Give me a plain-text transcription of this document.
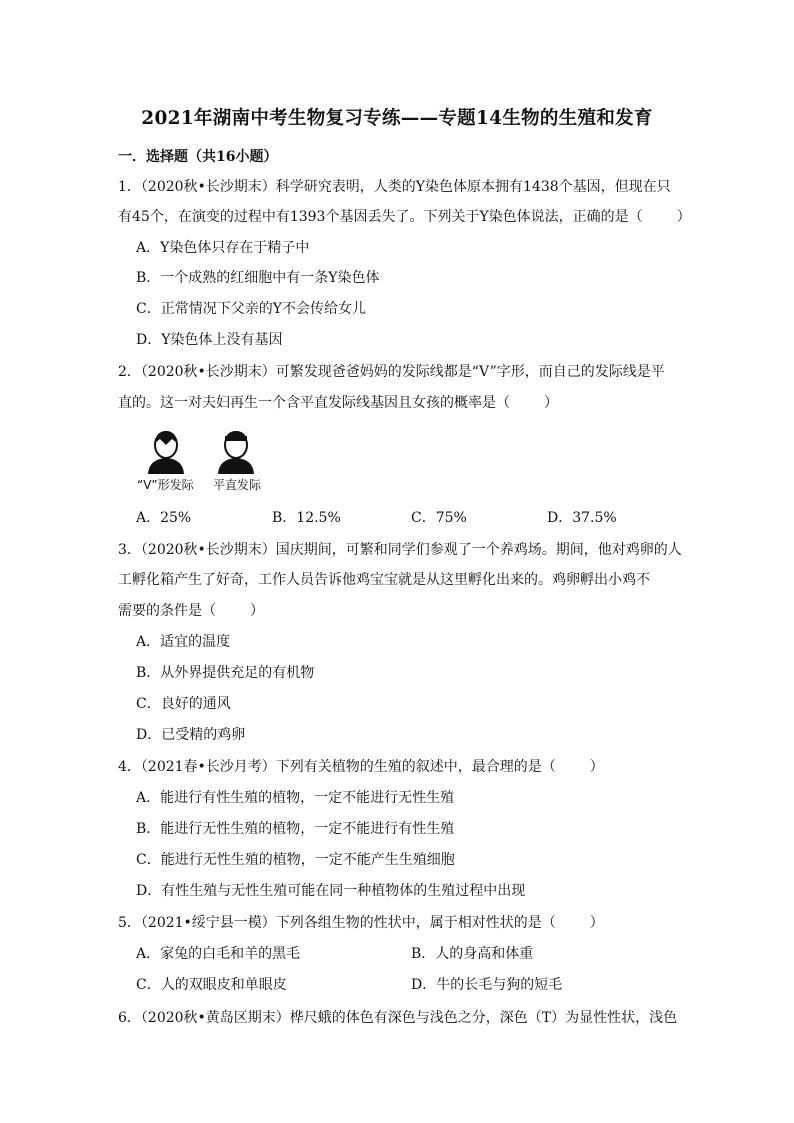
2021年湖南中考生物复习专练——专题14生物的生殖和发育
一．选择题（共16小题）
1．（2020秋•长沙期末）科学研究表明，人类的Y染色体原本拥有1438个基因，但现在只
有45个，在演变的过程中有1393个基因丢失了。下列关于Y染色体说法，正确的是（ ）
A．Y染色体只存在于精子中
B．一个成熟的红细胞中有一条Y染色体
C．正常情况下父亲的Y不会传给女儿
D．Y染色体上没有基因
2．（2020秋•长沙期末）可繁发现爸爸妈妈的发际线都是“V”字形，而自己的发际线是平
直的。这一对夫妇再生一个含平直发际线基因且女孩的概率是（ ）
“V”形发际 平直发际
A．25%	B．12.5%	C．75%	D．37.5%
3．（2020秋•长沙期末）国庆期间，可繁和同学们参观了一个养鸡场。期间，他对鸡卵的人
工孵化箱产生了好奇，工作人员告诉他鸡宝宝就是从这里孵化出来的。鸡卵孵出小鸡不
需要的条件是（ ）
A．适宜的温度
B．从外界提供充足的有机物
C．良好的通风
D．已受精的鸡卵
4．（2021春•长沙月考）下列有关植物的生殖的叙述中，最合理的是（ ）
A．能进行有性生殖的植物，一定不能进行无性生殖
B．能进行无性生殖的植物，一定不能进行有性生殖
C．能进行无性生殖的植物，一定不能产生生殖细胞
D．有性生殖与无性生殖可能在同一种植物体的生殖过程中出现
5．（2021•绥宁县一模）下列各组生物的性状中，属于相对性状的是（ ）
A．家兔的白毛和羊的黑毛	B．人的身高和体重
C．人的双眼皮和单眼皮	D．牛的长毛与狗的短毛
6．（2020秋•黄岛区期末）桦尺蛾的体色有深色与浅色之分，深色（T）为显性性状，浅色
